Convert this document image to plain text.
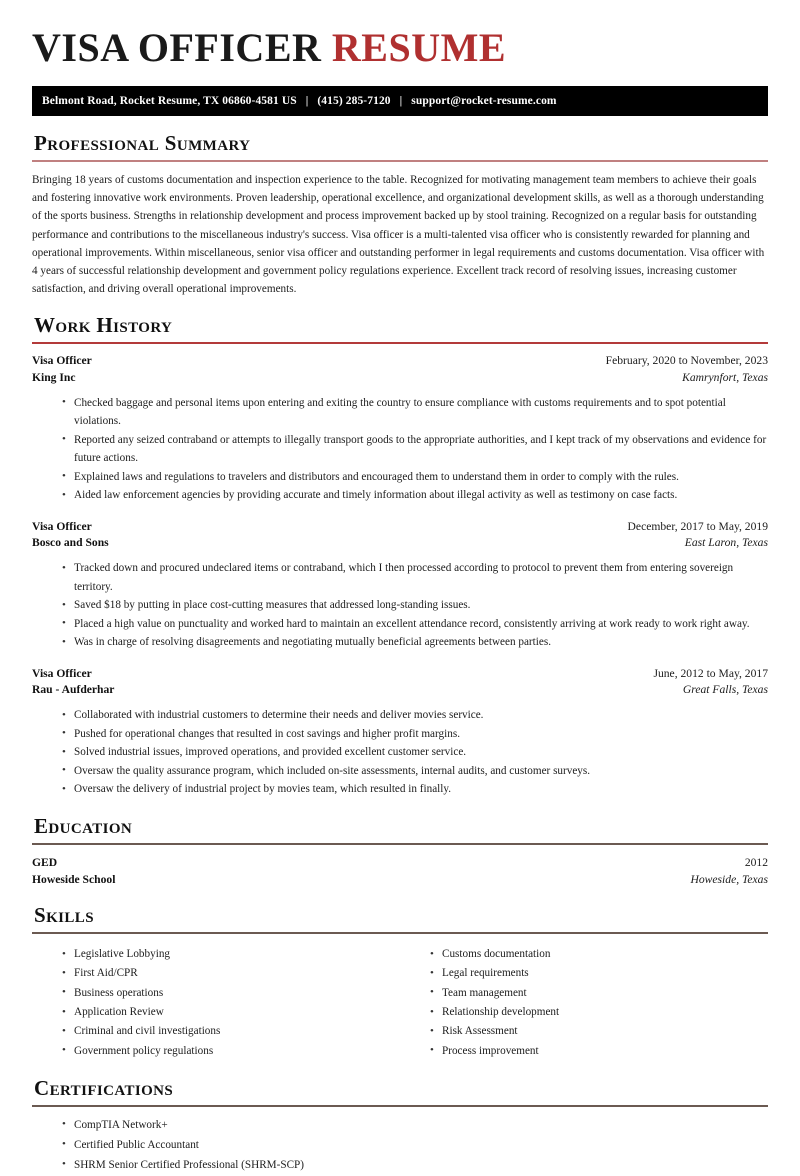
VISA OFFICER RESUME
Belmont Road, Rocket Resume, TX 06860-4581 US | (415) 285-7120 | support@rocket-resume.com
Professional Summary

Bringing 18 years of customs documentation and inspection experience to the table. Recognized for motivating management team members to achieve their goals and fostering innovative work environments. Proven leadership, operational excellence, and organizational development skills, as well as a thorough understanding of the sports business. Strengths in relationship development and process improvement backed up by stool training. Recognized on a regular basis for outstanding performance and contributions to the miscellaneous industry's success. Visa officer is a multi-talented visa officer who is consistently rewarded for planning and operational improvements. Within miscellaneous, senior visa officer and outstanding performer in legal requirements and customs documentation. Visa officer with 4 years of successful relationship development and government policy regulations experience. Excellent track record of resolving issues, increasing customer satisfaction, and driving overall operational improvements.

Work History
Visa Officer	February, 2020 to November, 2023
King Inc	Kamrynfort, Texas
• Checked baggage and personal items upon entering and exiting the country to ensure compliance with customs requirements and to spot potential violations.
• Reported any seized contraband or attempts to illegally transport goods to the appropriate authorities, and I kept track of my observations and evidence for future actions.
• Explained laws and regulations to travelers and distributors and encouraged them to understand them in order to comply with the rules.
• Aided law enforcement agencies by providing accurate and timely information about illegal activity as well as testimony on case facts.
Visa Officer	December, 2017 to May, 2019
Bosco and Sons	East Laron, Texas
• Tracked down and procured undeclared items or contraband, which I then processed according to protocol to prevent them from entering sovereign territory.
• Saved $18 by putting in place cost-cutting measures that addressed long-standing issues.
• Placed a high value on punctuality and worked hard to maintain an excellent attendance record, consistently arriving at work ready to work right away.
• Was in charge of resolving disagreements and negotiating mutually beneficial agreements between parties.
Visa Officer	June, 2012 to May, 2017
Rau - Aufderhar	Great Falls, Texas
• Collaborated with industrial customers to determine their needs and deliver movies service.
• Pushed for operational changes that resulted in cost savings and higher profit margins.
• Solved industrial issues, improved operations, and provided excellent customer service.
• Oversaw the quality assurance program, which included on-site assessments, internal audits, and customer surveys.
• Oversaw the delivery of industrial project by movies team, which resulted in finally.
Education
GED	2012
Howeside School	Howeside, Texas
Skills
• Legislative Lobbying
• First Aid/CPR
• Business operations
• Application Review
• Criminal and civil investigations
• Government policy regulations
• Customs documentation
• Legal requirements
• Team management
• Relationship development
• Risk Assessment
• Process improvement
Certifications
• CompTIA Network+
• Certified Public Accountant
• SHRM Senior Certified Professional (SHRM-SCP)
